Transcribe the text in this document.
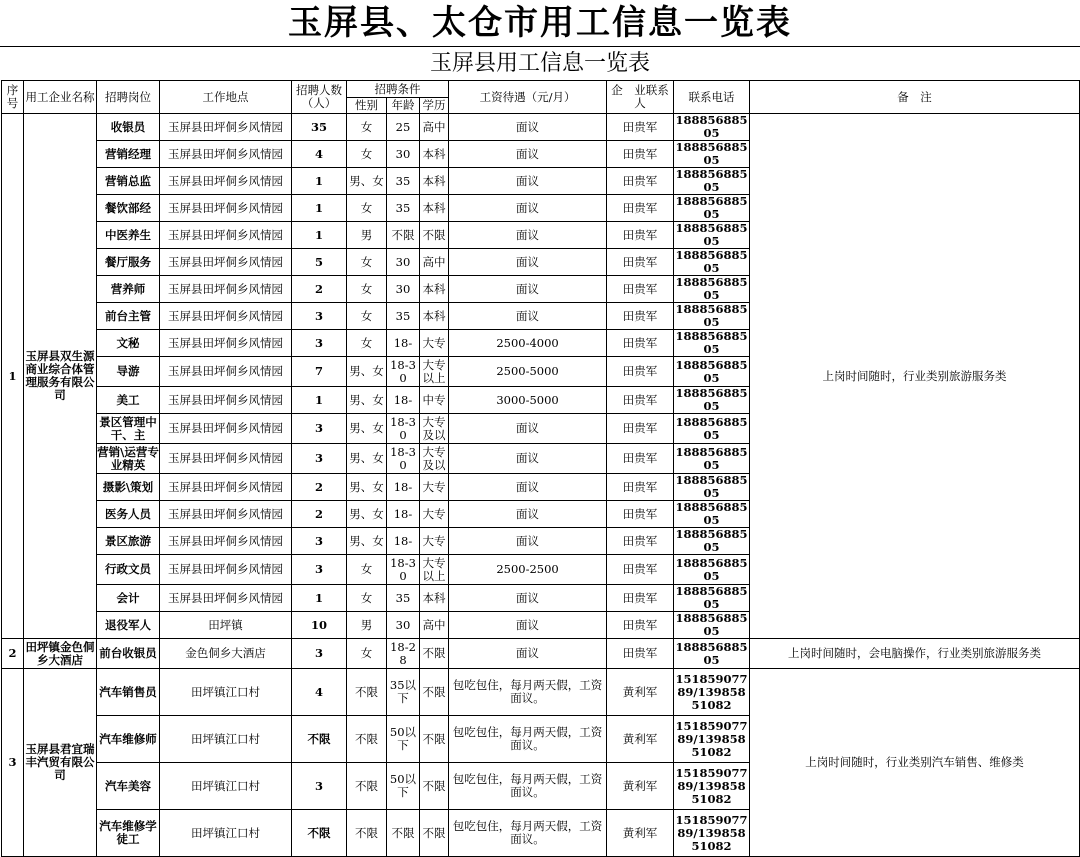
玉屏县、太仓市用工信息一览表
玉屏县用工信息一览表
序号	用工企业名称	招聘岗位	工作地点	招聘人数（人）	招聘条件			工资待遇（元/月）	企　业联系人	联系电话	备　注
					性别	年龄	学历				
1	玉屏县双生源商业综合体管理服务有限公司	收银员	玉屏县田坪侗乡风情园	35	女	25	高中	面议	田贵军	18885688505	上岗时间随时，行业类别旅游服务类
		营销经理	玉屏县田坪侗乡风情园	4	女	30	本科	面议	田贵军	18885688505	
		营销总监	玉屏县田坪侗乡风情园	1	男、女	35	本科	面议	田贵军	18885688505	
		餐饮部经	玉屏县田坪侗乡风情园	1	女	35	本科	面议	田贵军	18885688505	
		中医养生	玉屏县田坪侗乡风情园	1	男	不限	不限	面议	田贵军	18885688505	
		餐厅服务	玉屏县田坪侗乡风情园	5	女	30	高中	面议	田贵军	18885688505	
		营养师	玉屏县田坪侗乡风情园	2	女	30	本科	面议	田贵军	18885688505	
		前台主管	玉屏县田坪侗乡风情园	3	女	35	本科	面议	田贵军	18885688505	
		文秘	玉屏县田坪侗乡风情园	3	女	18-	大专	2500-4000	田贵军	18885688505	
		导游	玉屏县田坪侗乡风情园	7	男、女	18-30	大专以上	2500-5000	田贵军	18885688505	
		美工	玉屏县田坪侗乡风情园	1	男、女	18-	中专	3000-5000	田贵军	18885688505	
		景区管理中干、主	玉屏县田坪侗乡风情园	3	男、女	18-30	大专及以	面议	田贵军	18885688505	
		营销\运营专业精英	玉屏县田坪侗乡风情园	3	男、女	18-30	大专及以	面议	田贵军	18885688505	
		摄影\策划	玉屏县田坪侗乡风情园	2	男、女	18-	大专	面议	田贵军	18885688505	
		医务人员	玉屏县田坪侗乡风情园	2	男、女	18-	大专	面议	田贵军	18885688505	
		景区旅游	玉屏县田坪侗乡风情园	3	男、女	18-	大专	面议	田贵军	18885688505	
		行政文员	玉屏县田坪侗乡风情园	3	女	18-30	大专以上	2500-2500	田贵军	18885688505	
		会计	玉屏县田坪侗乡风情园	1	女	35	本科	面议	田贵军	18885688505	
		退役军人	田坪镇	10	男	30	高中	面议	田贵军	18885688505	
2	田坪镇金色侗乡大酒店	前台收银员	金色侗乡大酒店	3	女	18-28	不限	面议	田贵军	18885688505	上岗时间随时，会电脑操作，行业类别旅游服务类
3	玉屏县君宜瑞丰汽贸有限公司	汽车销售员	田坪镇江口村	4	不限	35以下	不限	包吃包住，每月两天假，工资面议。	黄利军	15185907789/13985851082	上岗时间随时，行业类别汽车销售、维修类
		汽车维修师	田坪镇江口村	不限	不限	50以下	不限	包吃包住，每月两天假，工资面议。	黄利军	15185907789/13985851082	
		汽车美容	田坪镇江口村	3	不限	50以下	不限	包吃包住，每月两天假，工资面议。	黄利军	15185907789/13985851082	
		汽车维修学徒工	田坪镇江口村	不限	不限	不限	不限	包吃包住，每月两天假，工资面议。	黄利军	15185907789/13985851082	
